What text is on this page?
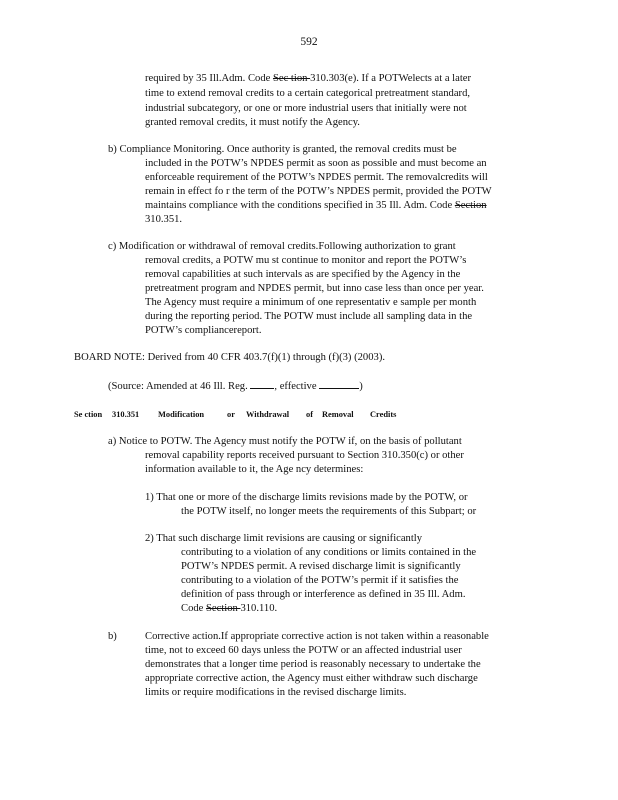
592
required by 35 Ill.Adm. Code Sec tion 310.303(e). If a POTWelects at a later
time to extend removal credits to a certain categorical pretreatment standard,
industrial subcategory, or one or more industrial users that initially were not
granted removal credits, it must notify the Agency.
b) Compliance Monitoring. Once authority is granted, the removal credits must be
included in the POTW’s NPDES permit as soon as possible and must become an
enforceable requirement of the POTW’s NPDES permit. The removalcredits will
remain in effect fo r the term of the POTW’s NPDES permit, provided the POTW
maintains compliance with the conditions specified in 35 Ill. Adm. Code Section
310.351.
c) Modification or withdrawal of removal credits.Following authorization to grant
removal credits, a POTW mu st continue to monitor and report the POTW’s
removal capabilities at such intervals as are specified by the Agency in the
pretreatment program and NPDES permit, but inno case less than once per year.
The Agency must require a minimum of one representativ e sample per month
during the reporting period. The POTW must include all sampling data in the
POTW’s compliancereport.
BOARD NOTE: Derived from 40 CFR 403.7(f)(1) through (f)(3) (2003).
(Source: Amended at 46 Ill. Reg.	, effective	)
Se ction 310.351 Modification	or Withdrawal of Removal Credits
a) Notice to POTW. The Agency must notify the POTW if, on the basis of pollutant
removal capability reports received pursuant to Section 310.350(c) or other
information available to it, the Age ncy determines:
1) That one or more of the discharge limits revisions made by the POTW, or
the POTW itself, no longer meets the requirements of this Subpart; or
2) That such discharge limit revisions are causing or significantly
contributing to a violation of any conditions or limits contained in the
POTW’s NPDES permit. A revised discharge limit is significantly
contributing to a violation of the POTW’s permit if it satisfies the
definition of pass through or interference as defined in 35 Ill. Adm.
Code Section 310.110.
b)	Corrective action.If appropriate corrective action is not taken within a reasonable
time, not to exceed 60 days unless the POTW or an affected industrial user
demonstrates that a longer time period is reasonably necessary to undertake the
appropriate corrective action, the Agency must either withdraw such discharge
limits or require modifications in the revised discharge limits.
